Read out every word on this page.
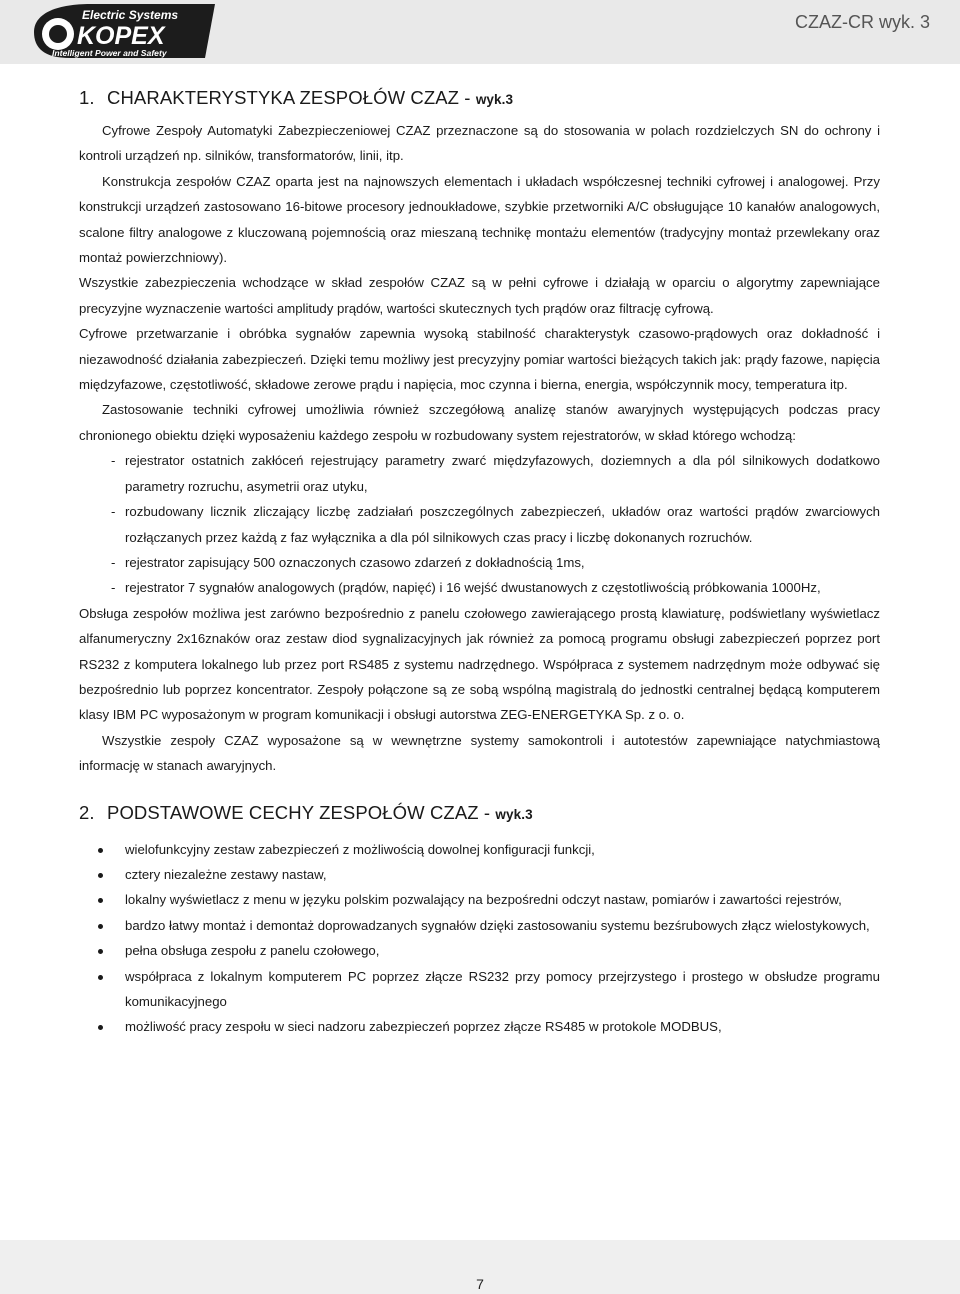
Electric Systems
KOPEX
Intelligent Power and Safety
CZAZ-CR wyk. 3
1. CHARAKTERYSTYKA ZESPOŁÓW CZAZ - wyk.3

Cyfrowe Zespoły Automatyki Zabezpieczeniowej CZAZ przeznaczone są do stosowania w polach rozdzielczych SN do ochrony i kontroli urządzeń np. silników, transformatorów, linii, itp.

Konstrukcja zespołów CZAZ oparta jest na najnowszych elementach i układach współczesnej techniki cyfrowej i analogowej. Przy konstrukcji urządzeń zastosowano 16-bitowe procesory jednoukładowe, szybkie przetworniki A/C obsługujące 10 kanałów analogowych, scalone filtry analogowe z kluczowaną pojemnością oraz mieszaną technikę montażu elementów (tradycyjny montaż przewlekany oraz montaż powierzchniowy).

Wszystkie zabezpieczenia wchodzące w skład zespołów CZAZ są w pełni cyfrowe i działają w oparciu o algorytmy zapewniające precyzyjne wyznaczenie wartości amplitudy prądów, wartości skutecznych tych prądów oraz filtrację cyfrową.

Cyfrowe przetwarzanie i obróbka sygnałów zapewnia wysoką stabilność charakterystyk czasowo-prądowych oraz dokładność i niezawodność działania zabezpieczeń. Dzięki temu możliwy jest precyzyjny pomiar wartości bieżących takich jak: prądy fazowe, napięcia międzyfazowe, częstotliwość, składowe zerowe prądu i napięcia, moc czynna i bierna, energia, współczynnik mocy, temperatura itp.

Zastosowanie techniki cyfrowej umożliwia również szczegółową analizę stanów awaryjnych występujących podczas pracy chronionego obiektu dzięki wyposażeniu każdego zespołu w rozbudowany system rejestratorów, w skład którego wchodzą:

- rejestrator ostatnich zakłóceń rejestrujący parametry zwarć międzyfazowych, doziemnych a dla pól silnikowych dodatkowo parametry rozruchu, asymetrii oraz utyku,
- rozbudowany licznik zliczający liczbę zadziałań poszczególnych zabezpieczeń, układów oraz wartości prądów zwarciowych rozłączanych przez każdą z faz wyłącznika a dla pól silnikowych czas pracy i liczbę dokonanych rozruchów.
- rejestrator zapisujący 500 oznaczonych czasowo zdarzeń z dokładnością 1ms,
- rejestrator 7 sygnałów analogowych (prądów, napięć) i 16 wejść dwustanowych z częstotliwością próbkowania 1000Hz,

Obsługa zespołów możliwa jest zarówno bezpośrednio z panelu czołowego zawierającego prostą klawiaturę, podświetlany wyświetlacz alfanumeryczny 2x16znaków oraz zestaw diod sygnalizacyjnych jak również za pomocą programu obsługi zabezpieczeń poprzez port RS232 z komputera lokalnego lub przez port RS485 z systemu nadrzędnego. Współpraca z systemem nadrzędnym może odbywać się bezpośrednio lub poprzez koncentrator. Zespoły połączone są ze sobą wspólną magistralą do jednostki centralnej będącą komputerem klasy IBM PC wyposażonym w program komunikacji i obsługi autorstwa ZEG-ENERGETYKA Sp. z o. o.

Wszystkie zespoły CZAZ wyposażone są w wewnętrzne systemy samokontroli i autotestów zapewniające natychmiastową informację w stanach awaryjnych.

2. PODSTAWOWE CECHY ZESPOŁÓW CZAZ - wyk.3
wielofunkcyjny zestaw zabezpieczeń z możliwością dowolnej konfiguracji funkcji,
cztery niezależne zestawy nastaw,
lokalny wyświetlacz z menu w języku polskim pozwalający na bezpośredni odczyt nastaw, pomiarów i zawartości rejestrów,
bardzo łatwy montaż i demontaż doprowadzanych sygnałów dzięki zastosowaniu systemu bezśrubowych złącz wielostykowych,
pełna obsługa zespołu z panelu czołowego,
współpraca z lokalnym komputerem PC poprzez złącze RS232 przy pomocy przejrzystego i prostego w obsłudze programu komunikacyjnego
możliwość pracy zespołu w sieci nadzoru zabezpieczeń poprzez złącze RS485 w protokole MODBUS,
7
